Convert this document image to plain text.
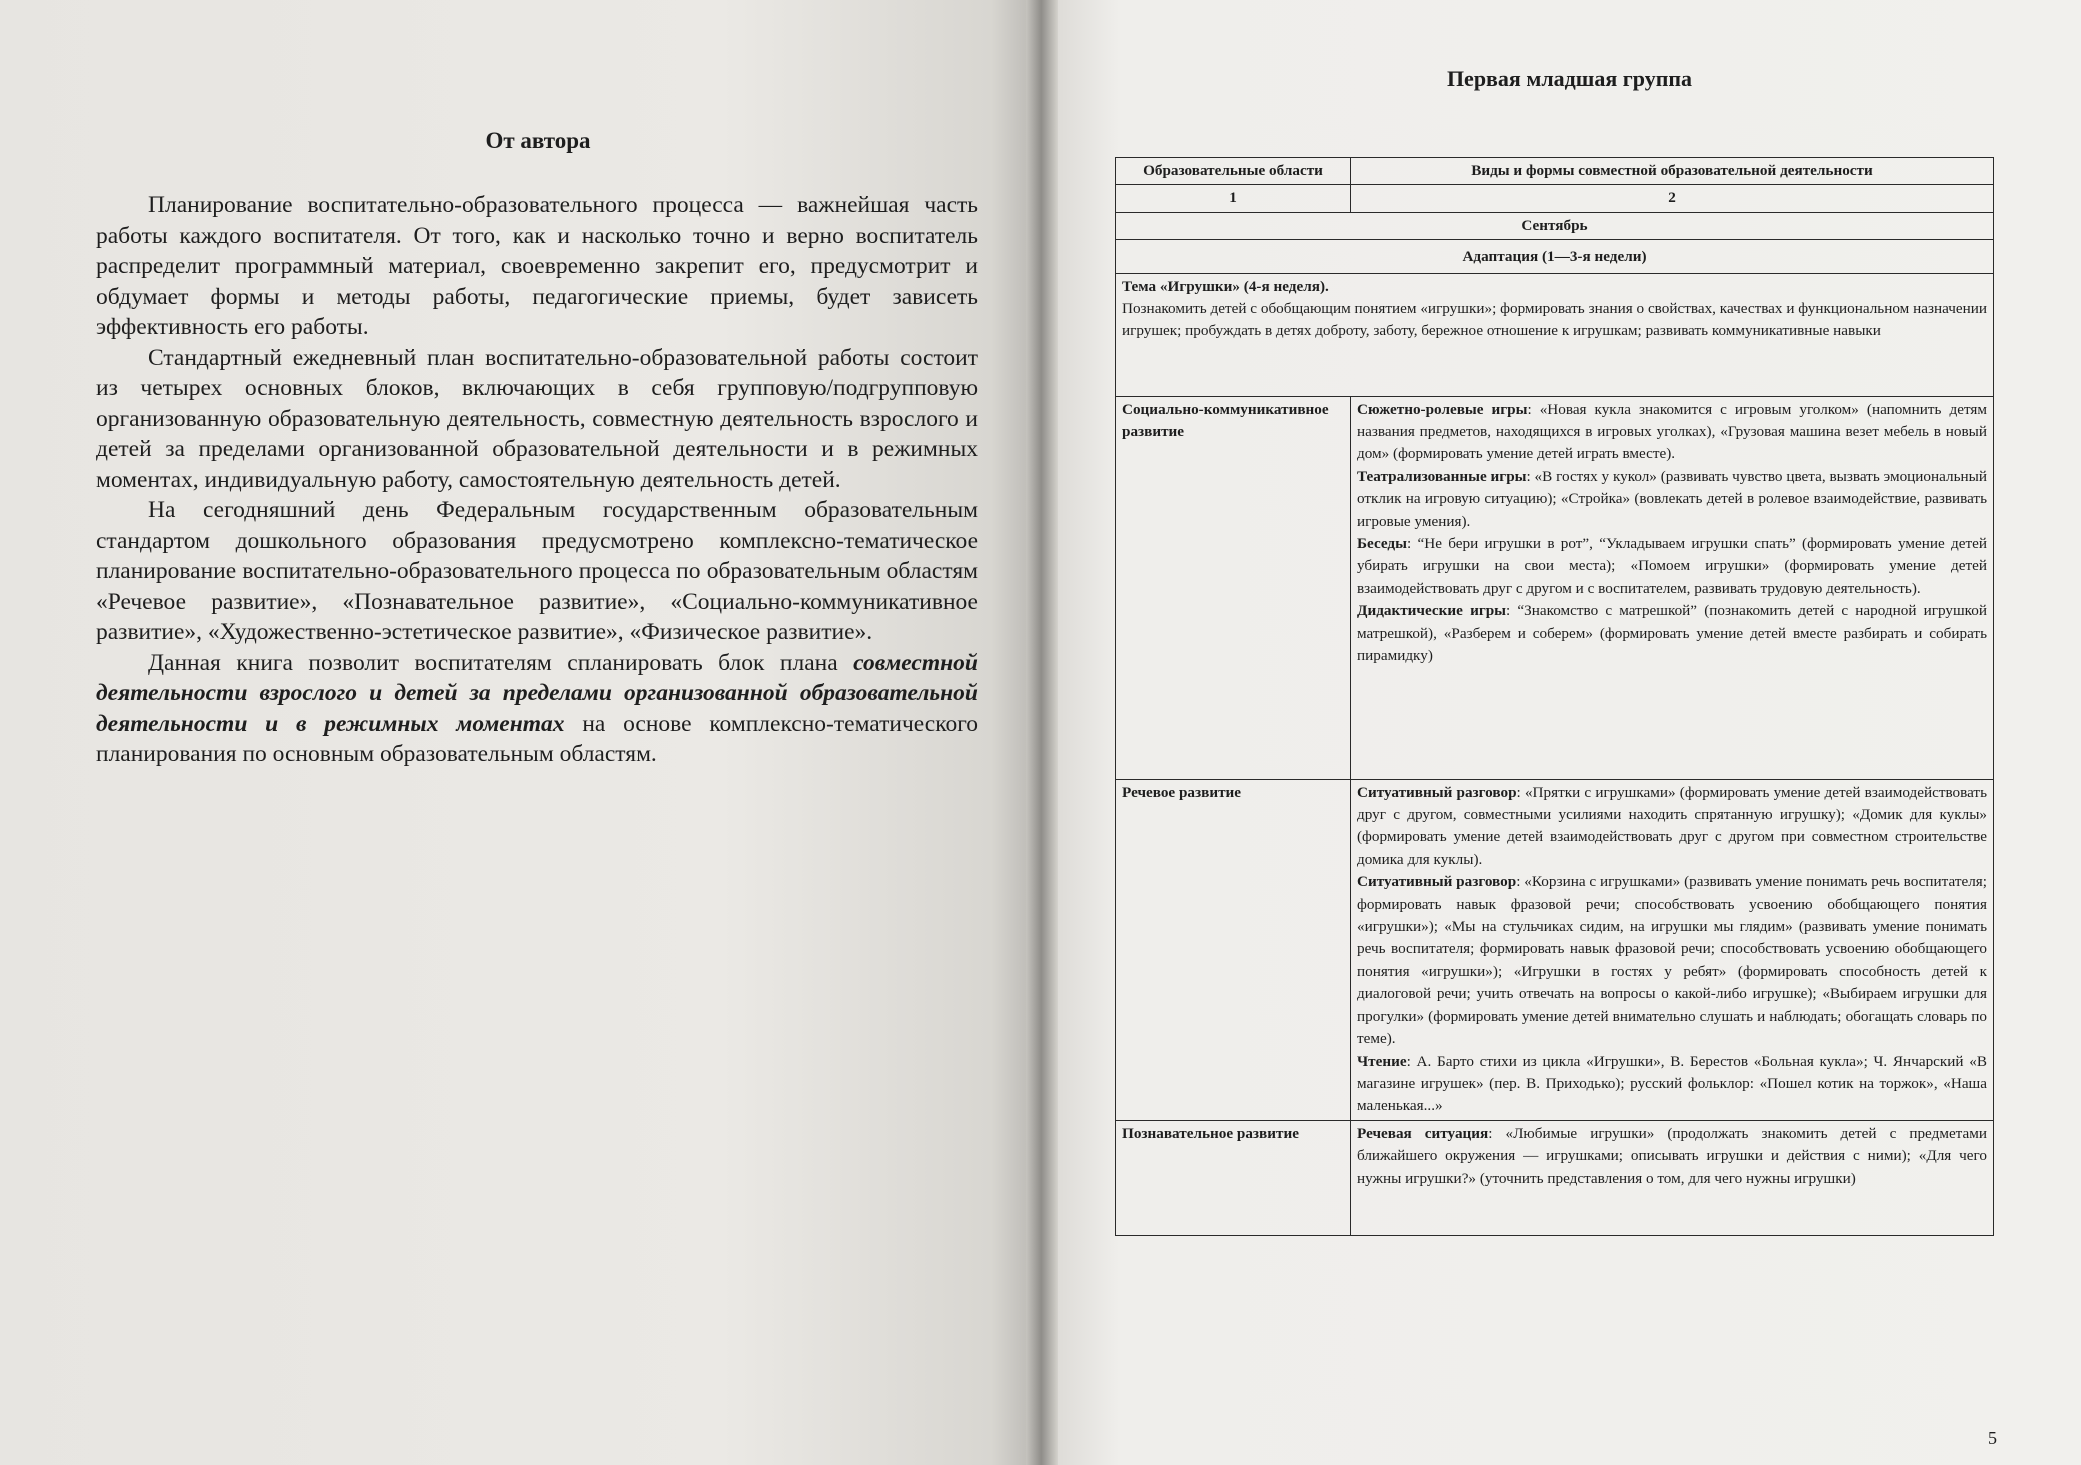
От автора

Планирование воспитательно-образовательного процесса — важнейшая часть работы каждого воспитателя. От того, как и насколько точно и верно воспитатель распределит программный материал, своевременно закрепит его, предусмотрит и обдумает формы и методы работы, педагогические приемы, будет зависеть эффективность его работы.

Стандартный ежедневный план воспитательно-образовательной работы состоит из четырех основных блоков, включающих в себя групповую/подгрупповую организованную образовательную деятельность, совместную деятельность взрослого и детей за пределами организованной образовательной деятельности и в режимных моментах, индивидуальную работу, самостоятельную деятельность детей.

На сегодняшний день Федеральным государственным образовательным стандартом дошкольного образования предусмотрено комплексно-тематическое планирование воспитательно-образовательного процесса по образовательным областям «Речевое развитие», «Познавательное развитие», «Социально-коммуникативное развитие», «Художественно-эстетическое развитие», «Физическое развитие».

Данная книга позволит воспитателям спланировать блок плана совместной деятельности взрослого и детей за пределами организованной образовательной деятельности и в режимных моментах на основе комплексно-тематического планирования по основным образовательным областям.

Первая младшая группа
Образовательные области	Виды и формы совместной образовательной деятельности
1	2
Сентябрь	
Адаптация (1—3-я недели)	

Тема «Игрушки» (4-я неделя).
Познакомить детей с обобщающим понятием «игрушки»; формировать знания о свойствах, качествах и функциональном назначении игрушек; пробуждать в детях доброту, заботу, бережное отношение к игрушкам; развивать коммуникативные навыки	

Социально-коммуникативное развитие	Сюжетно-ролевые игры: «Новая кукла знакомится с игровым уголком» (напомнить детям названия предметов, находящихся в игровых уголках), «Грузовая машина везет мебель в новый дом» (формировать умение детей играть вместе).
Театрализованные игры: «В гостях у кукол» (развивать чувство цвета, вызвать эмоциональный отклик на игровую ситуацию); «Стройка» (вовлекать детей в ролевое взаимодействие, развивать игровые умения).
Беседы: “Не бери игрушки в рот”, “Укладываем игрушки спать” (формировать умение детей убирать игрушки на свои места); «Помоем игрушки» (формировать умение детей взаимодействовать друг с другом и с воспитателем, развивать трудовую деятельность).
Дидактические игры: “Знакомство с матрешкой” (познакомить детей с народной игрушкой матрешкой), «Разберем и соберем» (формировать умение детей вместе разбирать и собирать пирамидку)

Речевое развитие	Ситуативный разговор: «Прятки с игрушками» (формировать умение детей взаимодействовать друг с другом, совместными усилиями находить спрятанную игрушку); «Домик для куклы» (формировать умение детей взаимодействовать друг с другом при совместном строительстве домика для куклы).
Ситуативный разговор: «Корзина с игрушками» (развивать умение понимать речь воспитателя; формировать навык фразовой речи; способствовать усвоению обобщающего понятия «игрушки»); «Мы на стульчиках сидим, на игрушки мы глядим» (развивать умение понимать речь воспитателя; формировать навык фразовой речи; способствовать усвоению обобщающего понятия «игрушки»); «Игрушки в гостях у ребят» (формировать способность детей к диалоговой речи; учить отвечать на вопросы о какой-либо игрушке); «Выбираем игрушки для прогулки» (формировать умение детей внимательно слушать и наблюдать; обогащать словарь по теме).
Чтение: А. Барто стихи из цикла «Игрушки», В. Берестов «Больная кукла»; Ч. Янчарский «В магазине игрушек» (пер. В. Приходько); русский фольклор: «Пошел котик на торжок», «Наша маленькая...»

Познавательное развитие	Речевая ситуация: «Любимые игрушки» (продолжать знакомить детей с предметами ближайшего окружения — игрушками; описывать игрушки и действия с ними); «Для чего нужны игрушки?» (уточнить представления о том, для чего нужны игрушки)
5
